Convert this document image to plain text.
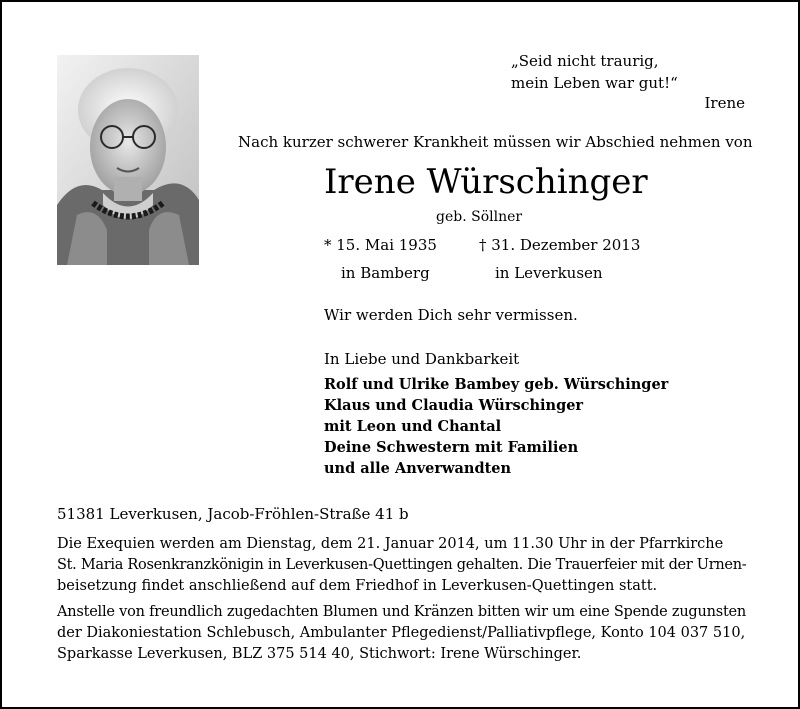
„Seid nicht traurig,
mein Leben war gut!“
Irene
Nach kurzer schwerer Krankheit müssen wir Abschied nehmen von
Irene Würschinger
geb. Söllner
* 15. Mai 1935	† 31. Dezember 2013
in Bamberg	in Leverkusen
Wir werden Dich sehr vermissen.
In Liebe und Dankbarkeit
Rolf und Ulrike Bambey geb. Würschinger
Klaus und Claudia Würschinger
mit Leon und Chantal
Deine Schwestern mit Familien
und alle Anverwandten
51381 Leverkusen, Jacob-Fröhlen-Straße 41 b

Die Exequien werden am Dienstag, dem 21. Januar 2014, um 11.30 Uhr in der Pfarrkirche
St. Maria Rosenkranzkönigin in Leverkusen-Quettingen gehalten. Die Trauerfeier mit der Urnen-
beisetzung findet anschließend auf dem Friedhof in Leverkusen-Quettingen statt.

Anstelle von freundlich zugedachten Blumen und Kränzen bitten wir um eine Spende zugunsten
der Diakoniestation Schlebusch, Ambulanter Pflegedienst/Palliativpflege, Konto 104 037 510,
Sparkasse Leverkusen, BLZ 375 514 40, Stichwort: Irene Würschinger.
